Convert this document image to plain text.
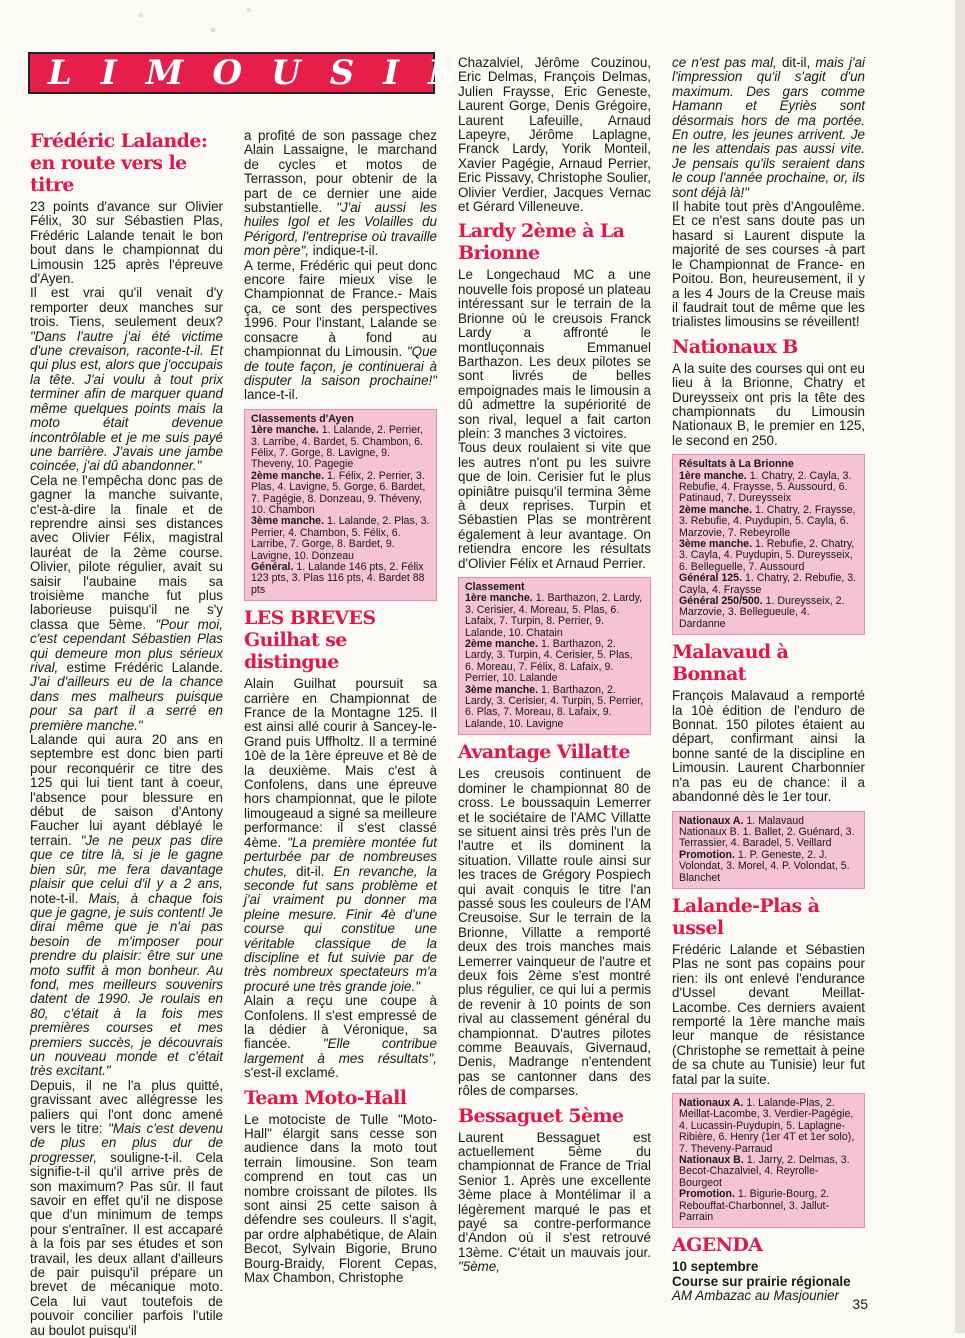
LIMOUSIN
Frédéric Lalande: en route vers le titre

23 points d'avance sur Olivier Félix, 30 sur Sébastien Plas, Frédéric Lalande tenait le bon bout dans le championnat du Limousin 125 après l'épreuve d'Ayen.

Il est vrai qu'il venait d'y remporter deux manches sur trois. Tiens, seulement deux? "Dans l'autre j'ai été victime d'une crevaison, raconte-t-il. Et qui plus est, alors que j'occupais la tête. J'ai voulu à tout prix terminer afin de marquer quand même quelques points mais la moto était devenue incontrôlable et je me suis payé une barrière. J'avais une jambe coincée, j'ai dû abandonner."

Cela ne l'empêcha donc pas de gagner la manche suivante, c'est-à-dire la finale et de reprendre ainsi ses distances avec Olivier Félix, magistral lauréat de la 2ème course. Olivier, pilote régulier, avait su saisir l'aubaine mais sa troisième manche fut plus laborieuse puisqu'il ne s'y classa que 5ème. "Pour moi, c'est cependant Sébastien Plas qui demeure mon plus sérieux rival, estime Frédéric Lalande. J'ai d'ailleurs eu de la chance dans mes malheurs puisque pour sa part il a serré en première manche."

Lalande qui aura 20 ans en septembre est donc bien parti pour reconquérir ce titre des 125 qui lui tient tant à coeur, l'absence pour blessure en début de saison d'Antony Faucher lui ayant déblayé le terrain. "Je ne peux pas dire que ce titre là, si je le gagne bien sûr, me fera davantage plaisir que celui d'il y a 2 ans, note-t-il. Mais, à chaque fois que je gagne, je suis content! Je dirai même que je n'ai pas besoin de m'imposer pour prendre du plaisir: être sur une moto suffit à mon bonheur. Au fond, mes meilleurs souvenirs datent de 1990. Je roulais en 80, c'était à la fois mes premières courses et mes premiers succès, je découvrais un nouveau monde et c'était très excitant."

Depuis, il ne l'a plus quitté, gravissant avec allégresse les paliers qui l'ont donc amené vers le titre: "Mais c'est devenu de plus en plus dur de progresser, souligne-t-il. Cela signifie-t-il qu'il arrive près de son maximum? Pas sûr. Il faut savoir en effet qu'il ne dispose que d'un minimum de temps pour s'entraîner. Il est accaparé à la fois par ses études et son travail, les deux allant d'ailleurs de pair puisqu'il prépare un brevet de mécanique moto. Cela lui vaut toutefois de pouvoir concilier parfois l'utile au boulot puisqu'il

a profité de son passage chez Alain Lassaigne, le marchand de cycles et motos de Terrasson, pour obtenir de la part de ce dernier une aide substantielle. "J'ai aussi les huiles Igol et les Volailles du Périgord, l'entreprise où travaille mon père", indique-t-il.

A terme, Frédéric qui peut donc encore faire mieux vise le Championnat de France.- Mais ça, ce sont des perspectives 1996. Pour l'instant, Lalande se consacre à fond au championnat du Limousin. "Que de toute façon, je continuerai à disputer la saison prochaine!" lance-t-il.

Classements d'Ayen
1ère manche. 1. Lalande, 2. Perrier, 3. Larribe, 4. Bardet, 5. Chambon, 6. Félix, 7. Gorge, 8. Lavigne, 9. Theveny, 10. Pagegie
2ème manche. 1. Félix, 2. Perrier, 3. Plas, 4. Lavigne, 5. Gorge, 6. Bardet, 7. Pagégie, 8. Donzeau, 9. Théveny, 10. Chambon
3ème manche. 1. Lalande, 2. Plas, 3. Perrier, 4. Chambon, 5. Félix, 6. Larribe, 7. Gorge, 8. Bardet, 9. Lavigne, 10. Donzeau
Général. 1. Lalande 146 pts, 2. Félix 123 pts, 3. Plas 116 pts, 4. Bardet 88 pts
LES BREVES Guilhat se distingue

Alain Guilhat poursuit sa carrière en Championnat de France de la Montagne 125. Il est ainsi allé courir à Sancey-le-Grand puis Uffholtz. Il a terminé 10è de la 1ère épreuve et 8è de la deuxième. Mais c'est à Confolens, dans une épreuve hors championnat, que le pilote limougeaud a signé sa meilleure performance: il s'est classé 4ème. "La première montée fut perturbée par de nombreuses chutes, dit-il. En revanche, la seconde fut sans problème et j'ai vraiment pu donner ma pleine mesure. Finir 4è d'une course qui constitue une véritable classique de la discipline et fut suivie par de très nombreux spectateurs m'a procuré une très grande joie."

Alain a reçu une coupe à Confolens. Il s'est empressé de la dédier à Véronique, sa fiancée. "Elle contribue largement à mes résultats", s'est-il exclamé.

Team Moto-Hall

Le motociste de Tulle "Moto-Hall" élargit sans cesse son audience dans la moto tout terrain limousine. Son team comprend en tout cas un nombre croissant de pilotes. Ils sont ainsi 25 cette saison à défendre ses couleurs. Il s'agit, par ordre alphabétique, de Alain Becot, Sylvain Bigorie, Bruno Bourg-Braidy, Florent Cepas, Max Chambon, Christophe

Chazalviel, Jérôme Couzinou, Eric Delmas, François Delmas, Julien Fraysse, Eric Geneste, Laurent Gorge, Denis Grégoire, Laurent Lafeuille, Arnaud Lapeyre, Jérôme Laplagne, Franck Lardy, Yorik Monteil, Xavier Pagégie, Arnaud Perrier, Eric Pissavy, Christophe Soulier, Olivier Verdier, Jacques Vernac et Gérard Villeneuve.

Lardy 2ème à La Brionne

Le Longechaud MC a une nouvelle fois proposé un plateau intéressant sur le terrain de la Brionne où le creusois Franck Lardy a affronté le montluçonnais Emmanuel Barthazon. Les deux pilotes se sont livrés de belles empoignades mais le limousin a dû admettre la supériorité de son rival, lequel a fait carton plein: 3 manches 3 victoires.

Tous deux roulaient si vite que les autres n'ont pu les suivre que de loin. Cerisier fut le plus opiniâtre puisqu'il termina 3ème à deux reprises. Turpin et Sébastien Plas se montrèrent également à leur avantage. On retiendra encore les résultats d'Olivier Félix et Arnaud Perrier.

Classement
1ère manche. 1. Barthazon, 2. Lardy, 3. Cerisier, 4. Moreau, 5. Plas, 6. Lafaix, 7. Turpin, 8. Perrier, 9. Lalande, 10. Chatain
2ème manche. 1. Barthazon, 2. Lardy, 3. Turpin, 4. Cerisier, 5. Plas, 6. Moreau, 7. Félix, 8. Lafaix, 9. Perrier, 10. Lalande
3ème manche. 1. Barthazon, 2. Lardy, 3. Cerisier, 4. Turpin, 5. Perrier, 6. Plas, 7. Moreau, 8. Lafaix, 9. Lalande, 10. Lavigne
Avantage Villatte

Les creusois continuent de dominer le championnat 80 de cross. Le boussaquin Lemerrer et le sociétaire de l'AMC Villatte se situent ainsi très près l'un de l'autre et ils dominent la situation. Villatte roule ainsi sur les traces de Grégory Pospiech qui avait conquis le titre l'an passé sous les couleurs de l'AM Creusoise. Sur le terrain de la Brionne, Villatte a remporté deux des trois manches mais Lemerrer vainqueur de l'autre et deux fois 2ème s'est montré plus régulier, ce qui lui a permis de revenir à 10 points de son rival au classement général du championnat. D'autres pilotes comme Beauvais, Givernaud, Denis, Madrange n'entendent pas se cantonner dans des rôles de comparses.

Bessaguet 5ème

Laurent Bessaguet est actuellement 5ème du championnat de France de Trial Senior 1. Après une excellente 3ème place à Montélimar il a légèrement marqué le pas et payé sa contre-performance d'Andon où il s'est retrouvé 13ème. C'était un mauvais jour. "5ème,

ce n'est pas mal, dit-il, mais j'ai l'impression qu'il s'agit d'un maximum. Des gars comme Hamann et Eyriès sont désormais hors de ma portée. En outre, les jeunes arrivent. Je ne les attendais pas aussi vite. Je pensais qu'ils seraient dans le coup l'année prochaine, or, ils sont déjà là!"

Il habite tout près d'Angoulême. Et ce n'est sans doute pas un hasard si Laurent dispute la majorité de ses courses -à part le Championnat de France- en Poitou. Bon, heureusement, il y a les 4 Jours de la Creuse mais il faudrait tout de même que les trialistes limousins se réveillent!

Nationaux B

A la suite des courses qui ont eu lieu à la Brionne, Chatry et Dureysseix ont pris la tête des championnats du Limousin Nationaux B, le premier en 125, le second en 250.

Résultats à La Brionne
1ère manche. 1. Chatry, 2. Cayla, 3. Rebufie, 4. Fraysse, 5. Aussourd, 6. Patinaud, 7. Dureysseix
2ème manche. 1. Chatry, 2. Fraysse, 3. Rebufie, 4. Puydupin, 5. Cayla, 6. Marzovie, 7. Rebeyrolle
3ème manche. 1. Rebufie, 2. Chatry, 3. Cayla, 4. Puydupin, 5. Dureysseix, 6. Belleguelle, 7. Aussourd
Général 125. 1. Chatry, 2. Rebufie, 3. Cayla, 4. Fraysse
Général 250/500. 1. Dureysseix, 2. Marzovie, 3. Bellegueule, 4. Dardanne
Malavaud à Bonnat

François Malavaud a remporté la 10è édition de l'enduro de Bonnat. 150 pilotes étaient au départ, confirmant ainsi la bonne santé de la discipline en Limousin. Laurent Charbonnier n'a pas eu de chance: il a abandonné dès le 1er tour.

Nationaux A. 1. Malavaud
Nationaux B. 1. Ballet, 2. Guénard, 3. Terrassier, 4. Baradel, 5. Veillard
Promotion. 1. P. Geneste, 2. J. Volondat, 3. Morel, 4. P. Volondat, 5. Blanchet
Lalande-Plas à ussel

Frédéric Lalande et Sébastien Plas ne sont pas copains pour rien: ils ont enlevé l'endurance d'Ussel devant Meillat-Lacombe. Ces derniers avaient remporté la 1ère manche mais leur manque de résistance (Christophe se remettait à peine de sa chute au Tunisie) leur fut fatal par la suite.

Nationaux A. 1. Lalande-Plas, 2. Meillat-Lacombe, 3. Verdier-Pagégie, 4. Lucassin-Puydupin, 5. Laplagne-Ribière, 6. Henry (1er 4T et 1er solo), 7. Theveny-Parraud
Nationaux B. 1. Jarry, 2. Delmas, 3. Becot-Chazalviel, 4. Reyrolle-Bourgeot
Promotion. 1. Bigurie-Bourg, 2. Rebouffat-Charbonnel, 3. Jallut-Parrain
AGENDA

10 septembre

Course sur prairie régionale

AM Ambazac au Masjounier

35
